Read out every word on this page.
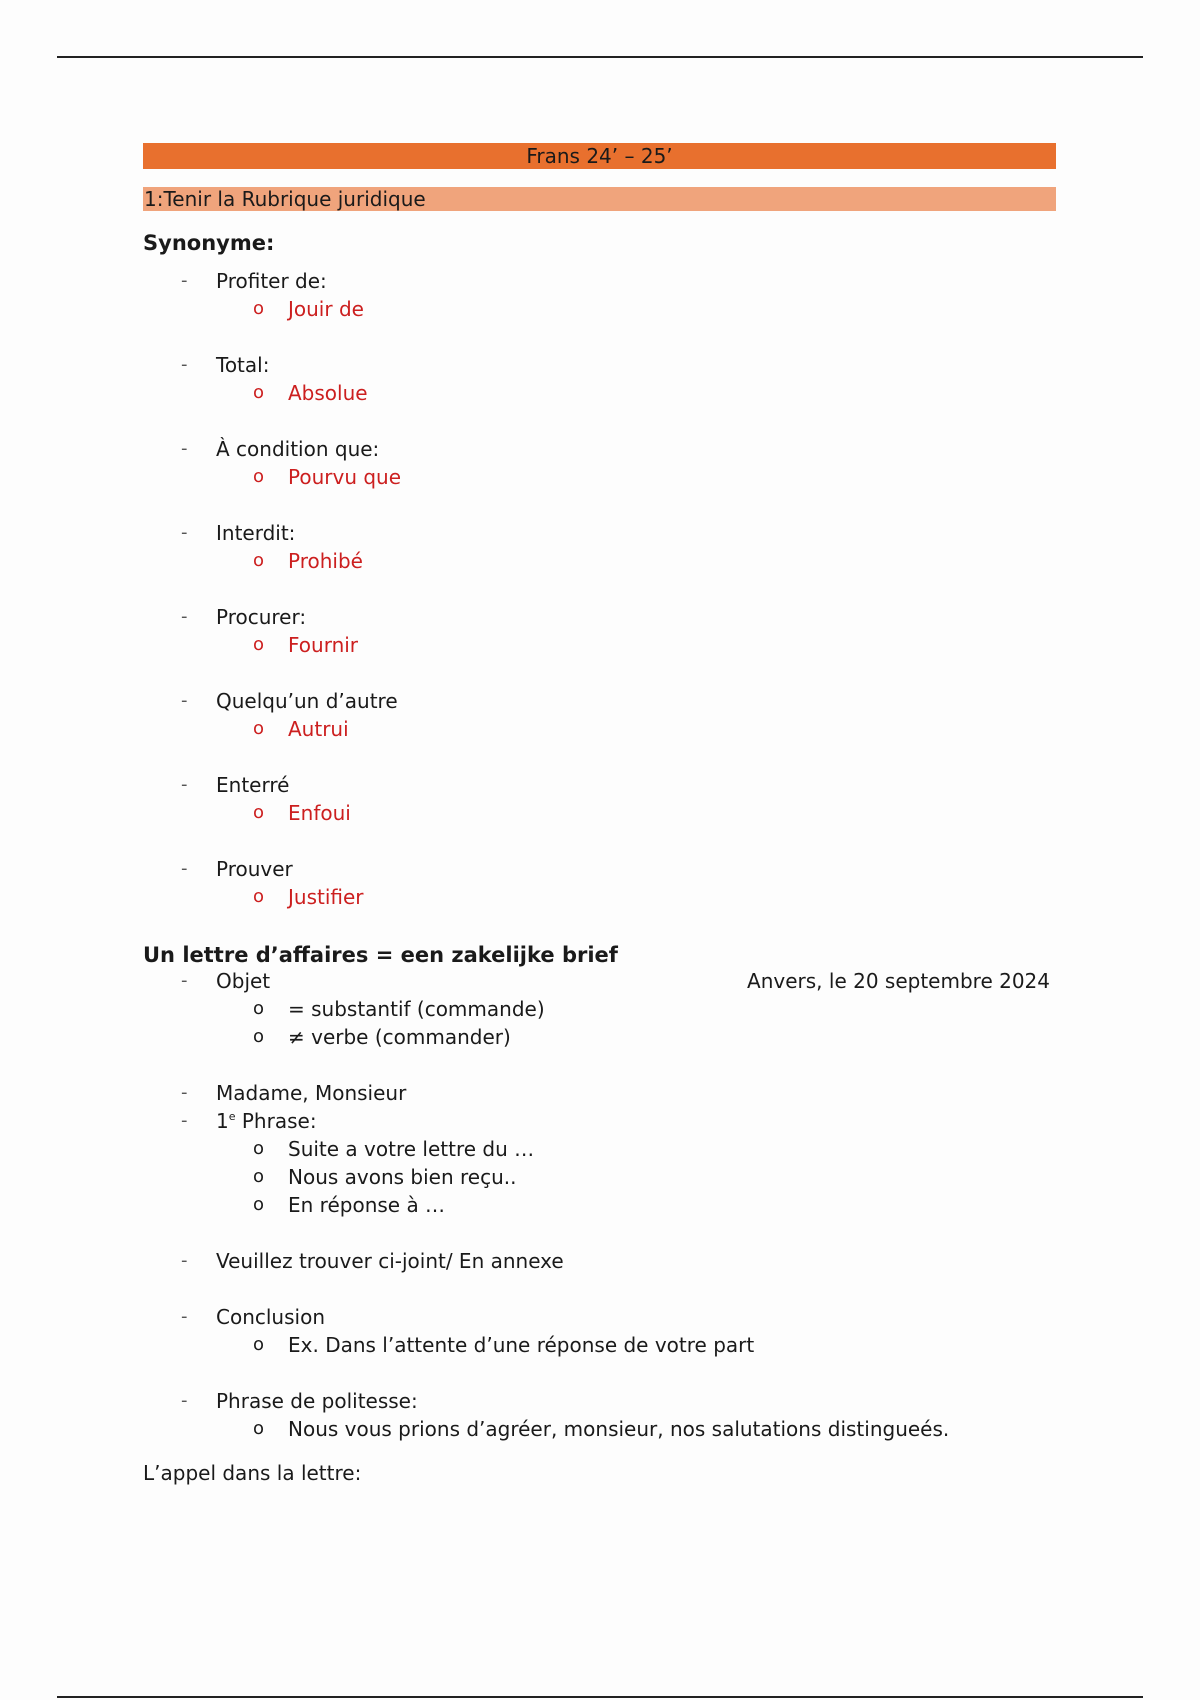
Frans 24’ – 25’
1:Tenir la Rubrique juridique
Synonyme:
- Profiter de:
o Jouir de
- Total:
o Absolue
- À condition que:
o Pourvu que
- Interdit:
o Prohibé
- Procurer:
o Fournir
- Quelqu’un d’autre
o Autrui
- Enterré
o Enfoui
- Prouver
o Justifier
Un lettre d’affaires = een zakelijke brief
- Objet	Anvers, le 20 septembre 2024
o = substantif (commande)
o ≠ verbe (commander)
- Madame, Monsieur
- 1e Phrase:
o Suite a votre lettre du …
o Nous avons bien reçu..
o En réponse à …
- Veuillez trouver ci-joint/ En annexe
- Conclusion
o Ex. Dans l’attente d’une réponse de votre part
- Phrase de politesse:
o Nous vous prions d’agréer, monsieur, nos salutations distingueés.
L’appel dans la lettre:
